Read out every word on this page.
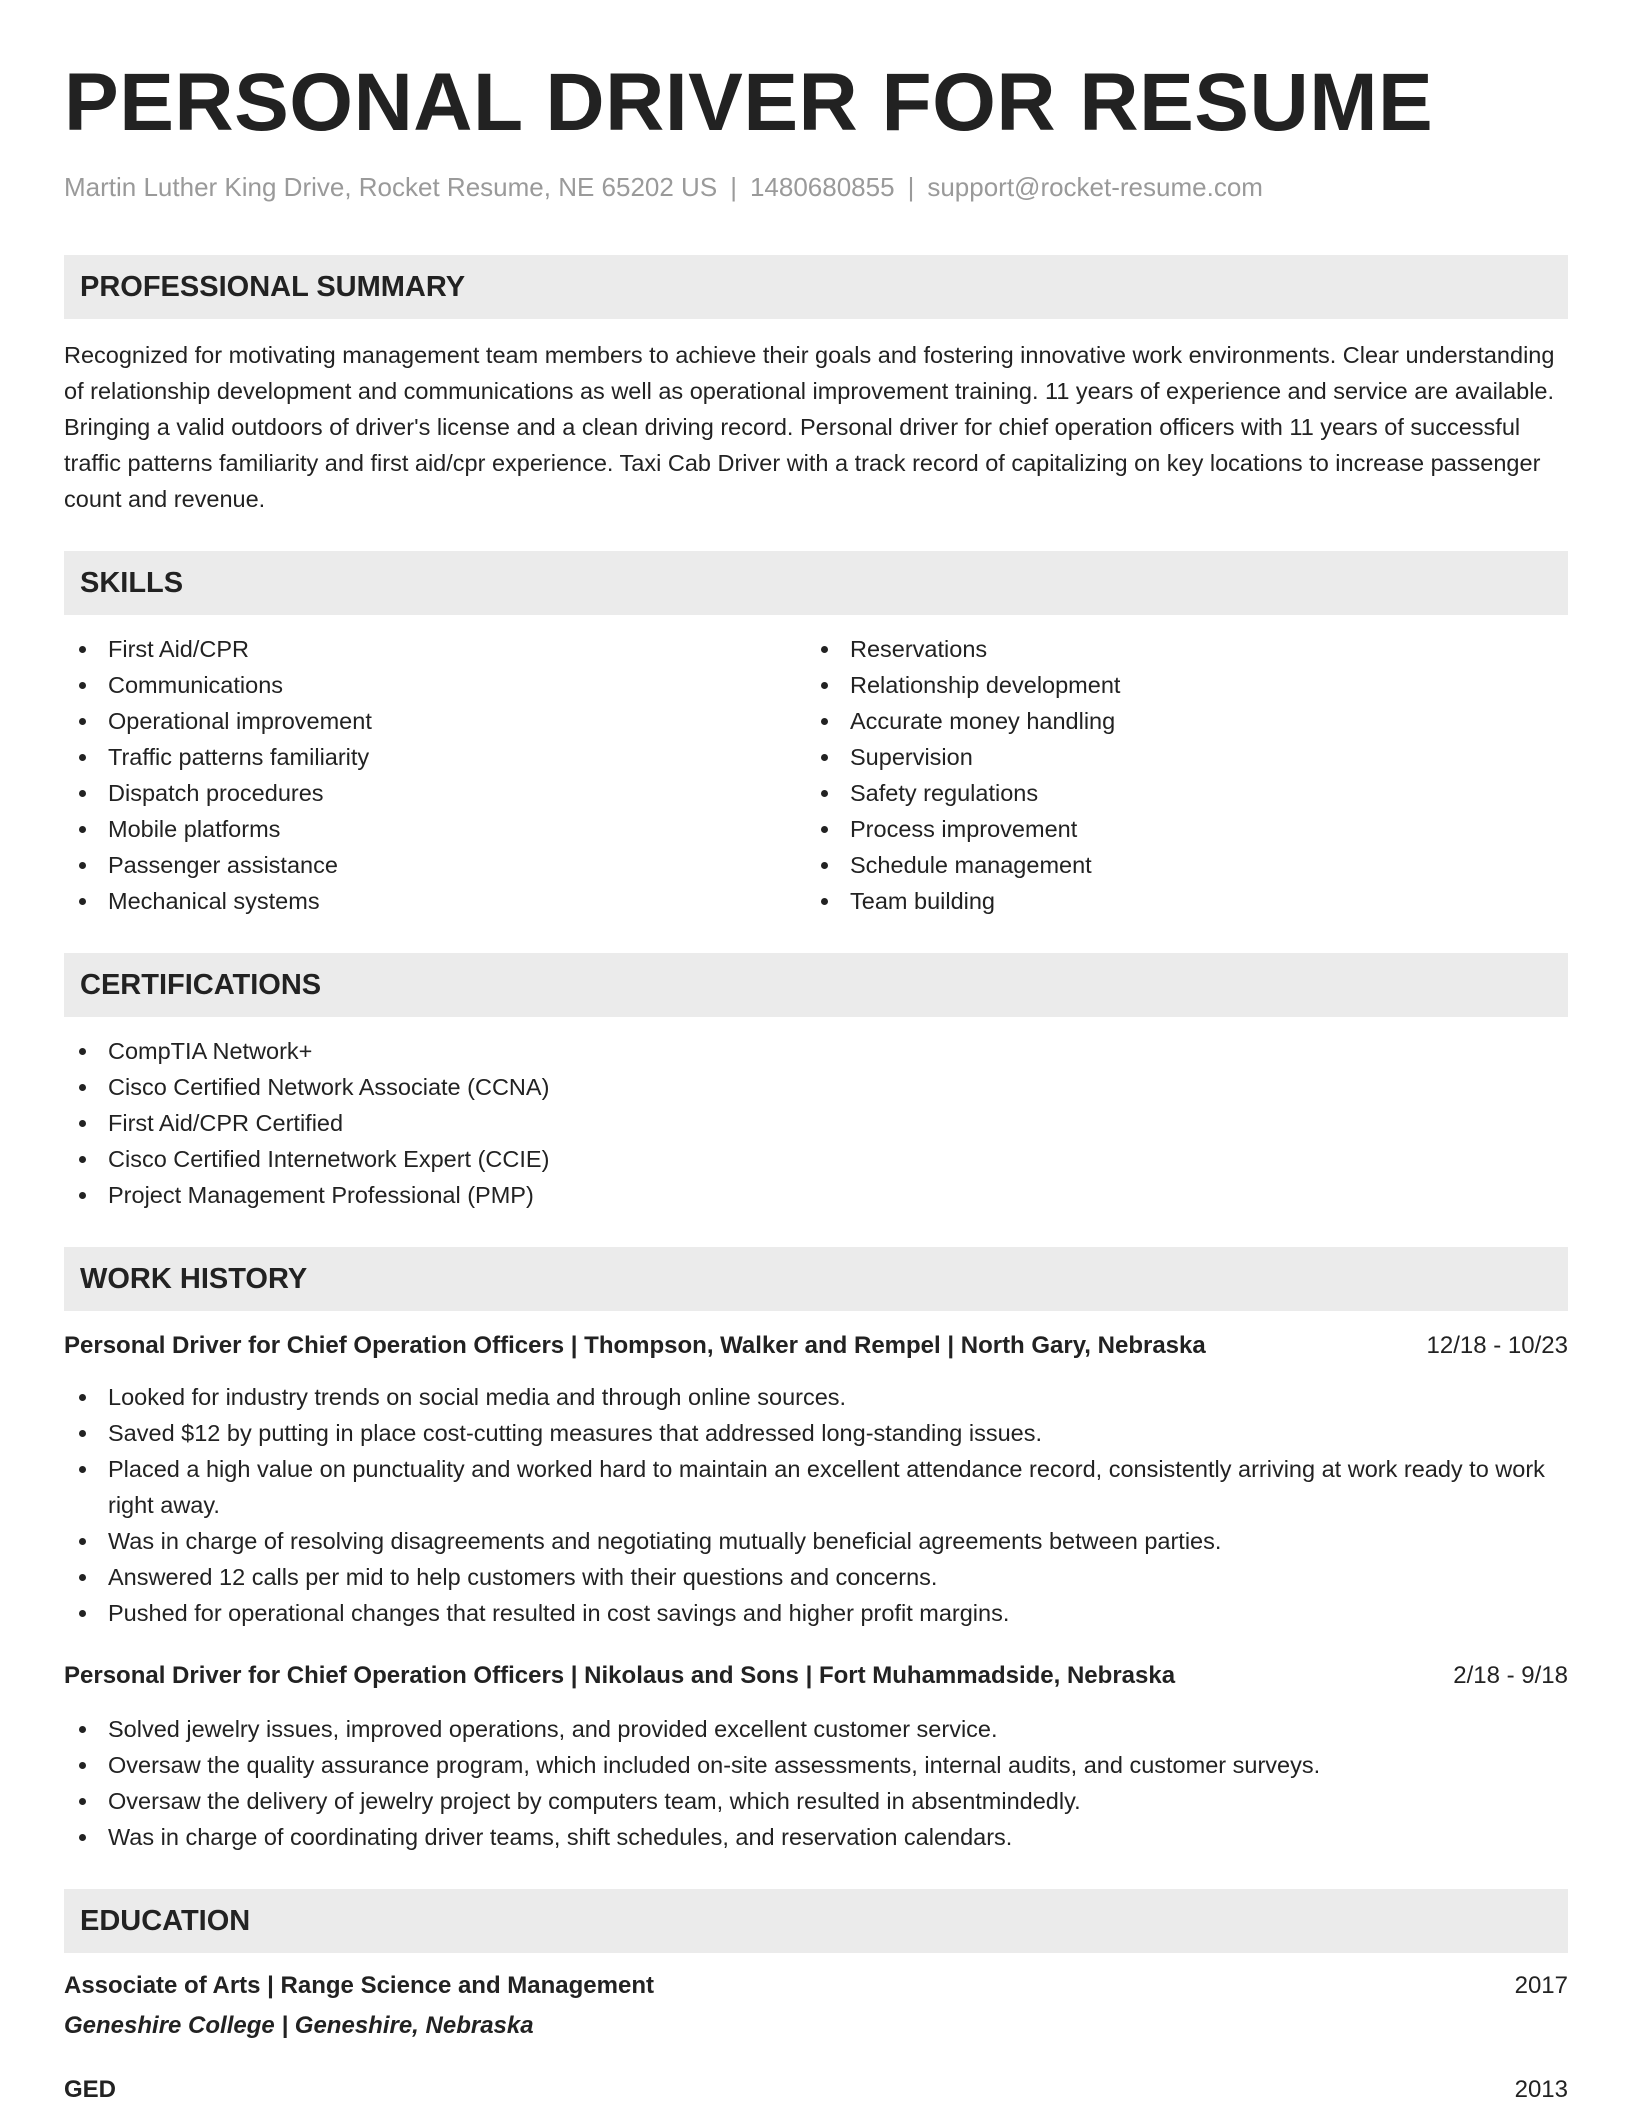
PERSONAL DRIVER FOR RESUME
Martin Luther King Drive, Rocket Resume, NE 65202 US | 1480680855 | support@rocket-resume.com
PROFESSIONAL SUMMARY

Recognized for motivating management team members to achieve their goals and fostering innovative work environments. Clear understanding of relationship development and communications as well as operational improvement training. 11 years of experience and service are available. Bringing a valid outdoors of driver's license and a clean driving record. Personal driver for chief operation officers with 11 years of successful traffic patterns familiarity and first aid/cpr experience. Taxi Cab Driver with a track record of capitalizing on key locations to increase passenger count and revenue.

SKILLS
First Aid/CPR
Communications
Operational improvement
Traffic patterns familiarity
Dispatch procedures
Mobile platforms
Passenger assistance
Mechanical systems
Reservations
Relationship development
Accurate money handling
Supervision
Safety regulations
Process improvement
Schedule management
Team building
CERTIFICATIONS
CompTIA Network+
Cisco Certified Network Associate (CCNA)
First Aid/CPR Certified
Cisco Certified Internetwork Expert (CCIE)
Project Management Professional (PMP)
WORK HISTORY
Personal Driver for Chief Operation Officers | Thompson, Walker and Rempel | North Gary, Nebraska	12/18 - 10/23
Looked for industry trends on social media and through online sources.
Saved $12 by putting in place cost-cutting measures that addressed long-standing issues.
Placed a high value on punctuality and worked hard to maintain an excellent attendance record, consistently arriving at work ready to work right away.
Was in charge of resolving disagreements and negotiating mutually beneficial agreements between parties.
Answered 12 calls per mid to help customers with their questions and concerns.
Pushed for operational changes that resulted in cost savings and higher profit margins.
Personal Driver for Chief Operation Officers | Nikolaus and Sons | Fort Muhammadside, Nebraska	2/18 - 9/18
Solved jewelry issues, improved operations, and provided excellent customer service.
Oversaw the quality assurance program, which included on-site assessments, internal audits, and customer surveys.
Oversaw the delivery of jewelry project by computers team, which resulted in absentmindedly.
Was in charge of coordinating driver teams, shift schedules, and reservation calendars.
EDUCATION
Associate of Arts | Range Science and Management	2017
Geneshire College | Geneshire, Nebraska
GED	2013
